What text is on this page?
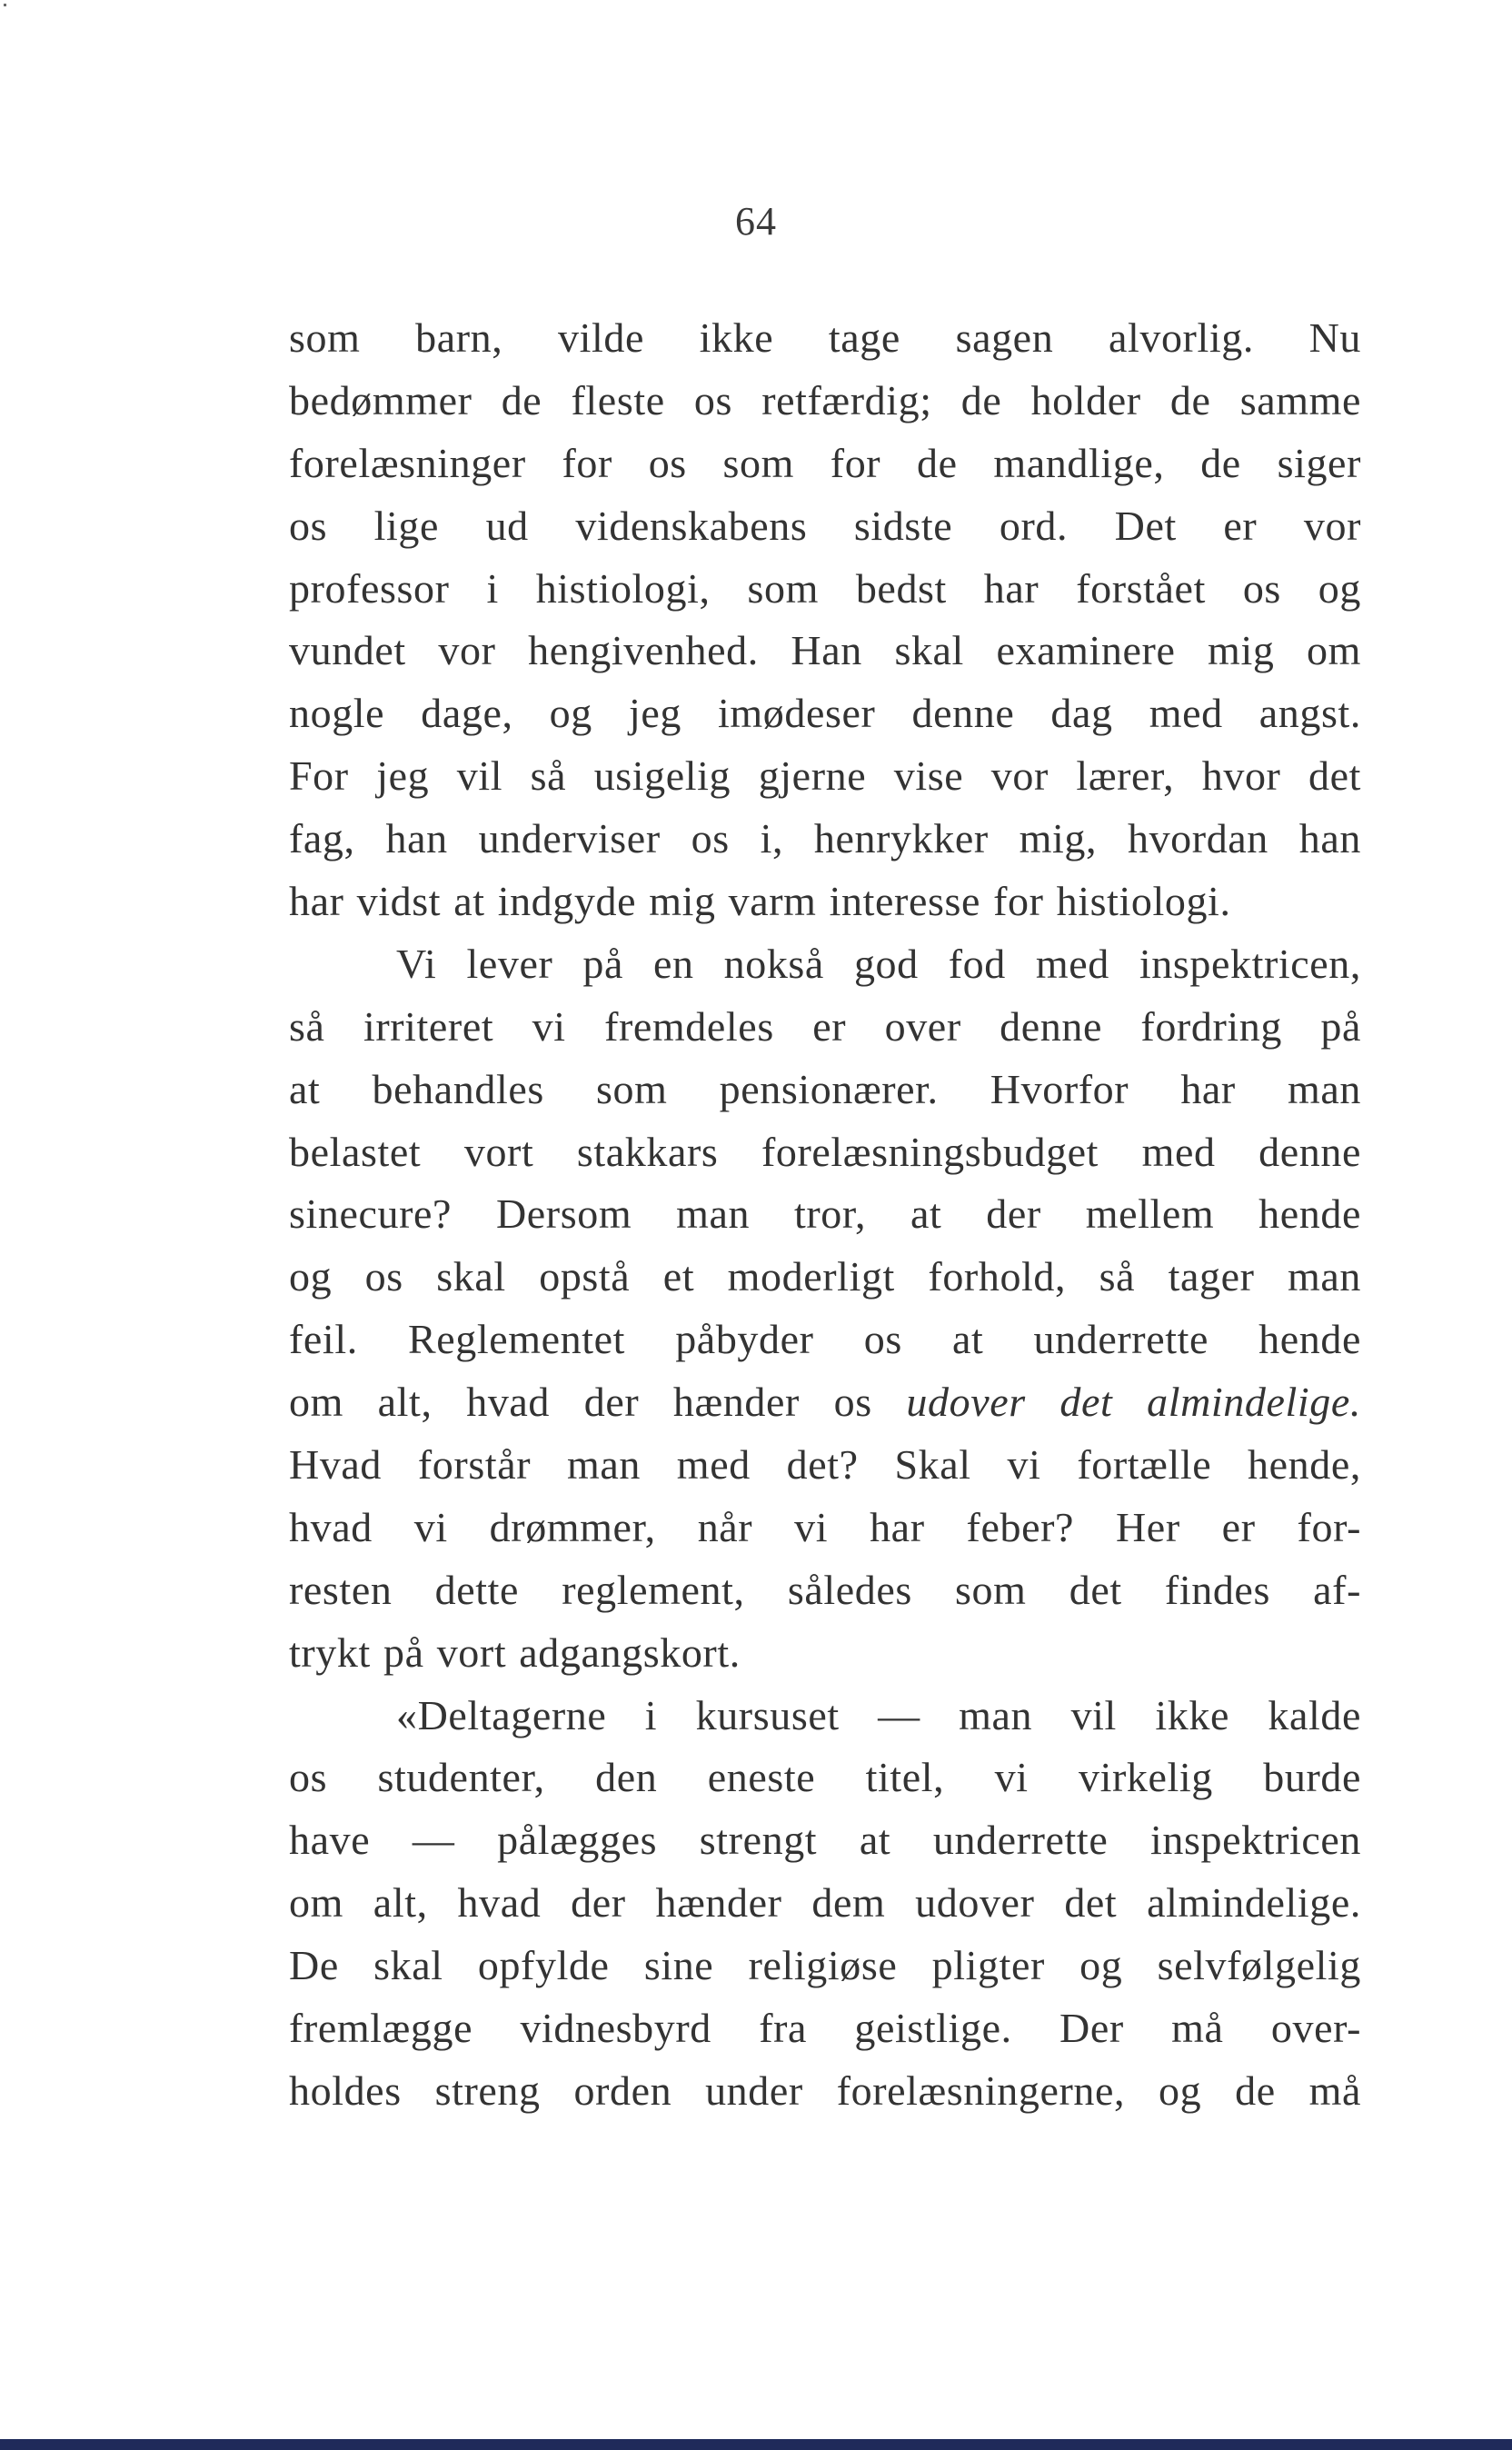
64
som barn, vilde ikke tage sagen alvorlig. Nu
bedømmer de fleste os retfærdig; de holder de samme
forelæsninger for os som for de mandlige, de siger
os lige ud videnskabens sidste ord. Det er vor
professor i histiologi, som bedst har forstået os og
vundet vor hengivenhed. Han skal examinere mig om
nogle dage, og jeg imødeser denne dag med angst.
For jeg vil så usigelig gjerne vise vor lærer, hvor det
fag, han underviser os i, henrykker mig, hvordan han
har vidst at indgyde mig varm interesse for histiologi.
Vi lever på en nokså god fod med inspektricen,
så irriteret vi fremdeles er over denne fordring på
at behandles som pensionærer. Hvorfor har man
belastet vort stakkars forelæsningsbudget med denne
sinecure? Dersom man tror, at der mellem hende
og os skal opstå et moderligt forhold, så tager man
feil. Reglementet påbyder os at underrette hende
om alt, hvad der hænder os udover det almindelige.
Hvad forstår man med det? Skal vi fortælle hende,
hvad vi drømmer, når vi har feber? Her er for-
resten dette reglement, således som det findes af-
trykt på vort adgangskort.
«Deltagerne i kursuset — man vil ikke kalde
os studenter, den eneste titel, vi virkelig burde
have — pålægges strengt at underrette inspektricen
om alt, hvad der hænder dem udover det almindelige.
De skal opfylde sine religiøse pligter og selvfølgelig
fremlægge vidnesbyrd fra geistlige. Der må over-
holdes streng orden under forelæsningerne, og de må
